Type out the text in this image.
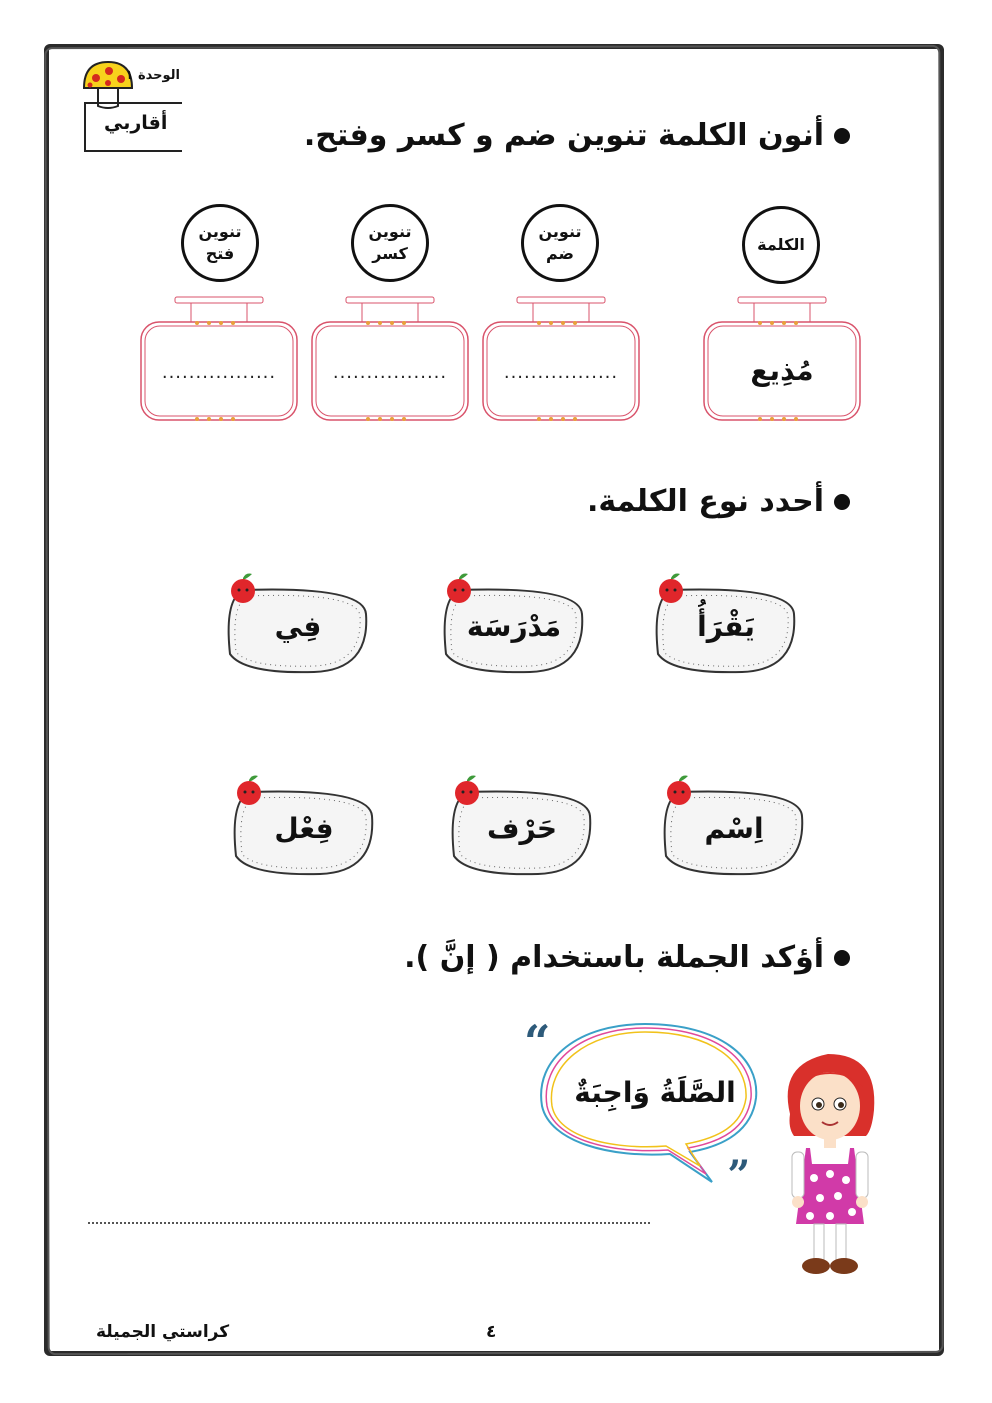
الوحدة ١
أقاربي	أنون الكلمة تنوين ضم و كسر وفتح.
الكلمة
تنوين
ضم
تنوين
كسر
تنوين
فتح
مُذِيع
.................
.................
.................
أحدد نوع الكلمة.
يَقْرَأُ
مَدْرَسَة
فِي
اِسْم
حَرْف
فِعْل
أؤكد الجملة باستخدام ( إنَّ ).
“
„
الصَّلَةُ وَاجِبَةٌ
كراستي الجميلة	٤
